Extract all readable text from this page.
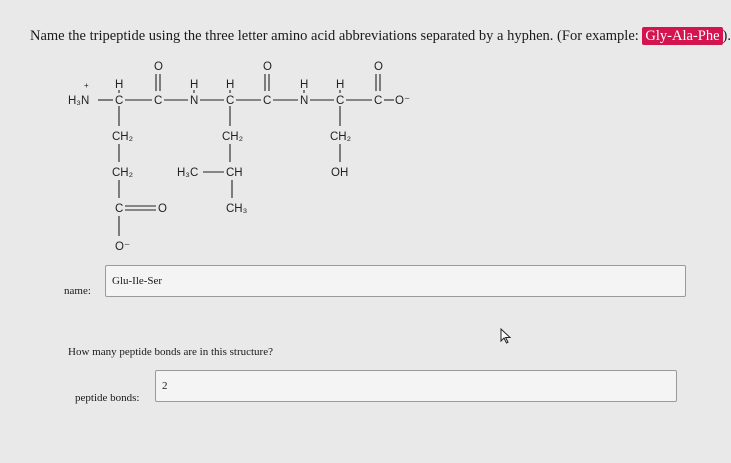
Name the tripeptide using the three letter amino acid abbreviations separated by a hyphen. (For example: Gly-Ala-Phe ).
H₃N
+
C	C N C C N C	C O⁻
H	H H	H H
O	O	O
CH₂
CH₂
C	O
O⁻
CH₂
H₃C CH
CH₃
CH₂
OH
name:
Glu-Ile-Ser
How many peptide bonds are in this structure?
peptide bonds:
2
